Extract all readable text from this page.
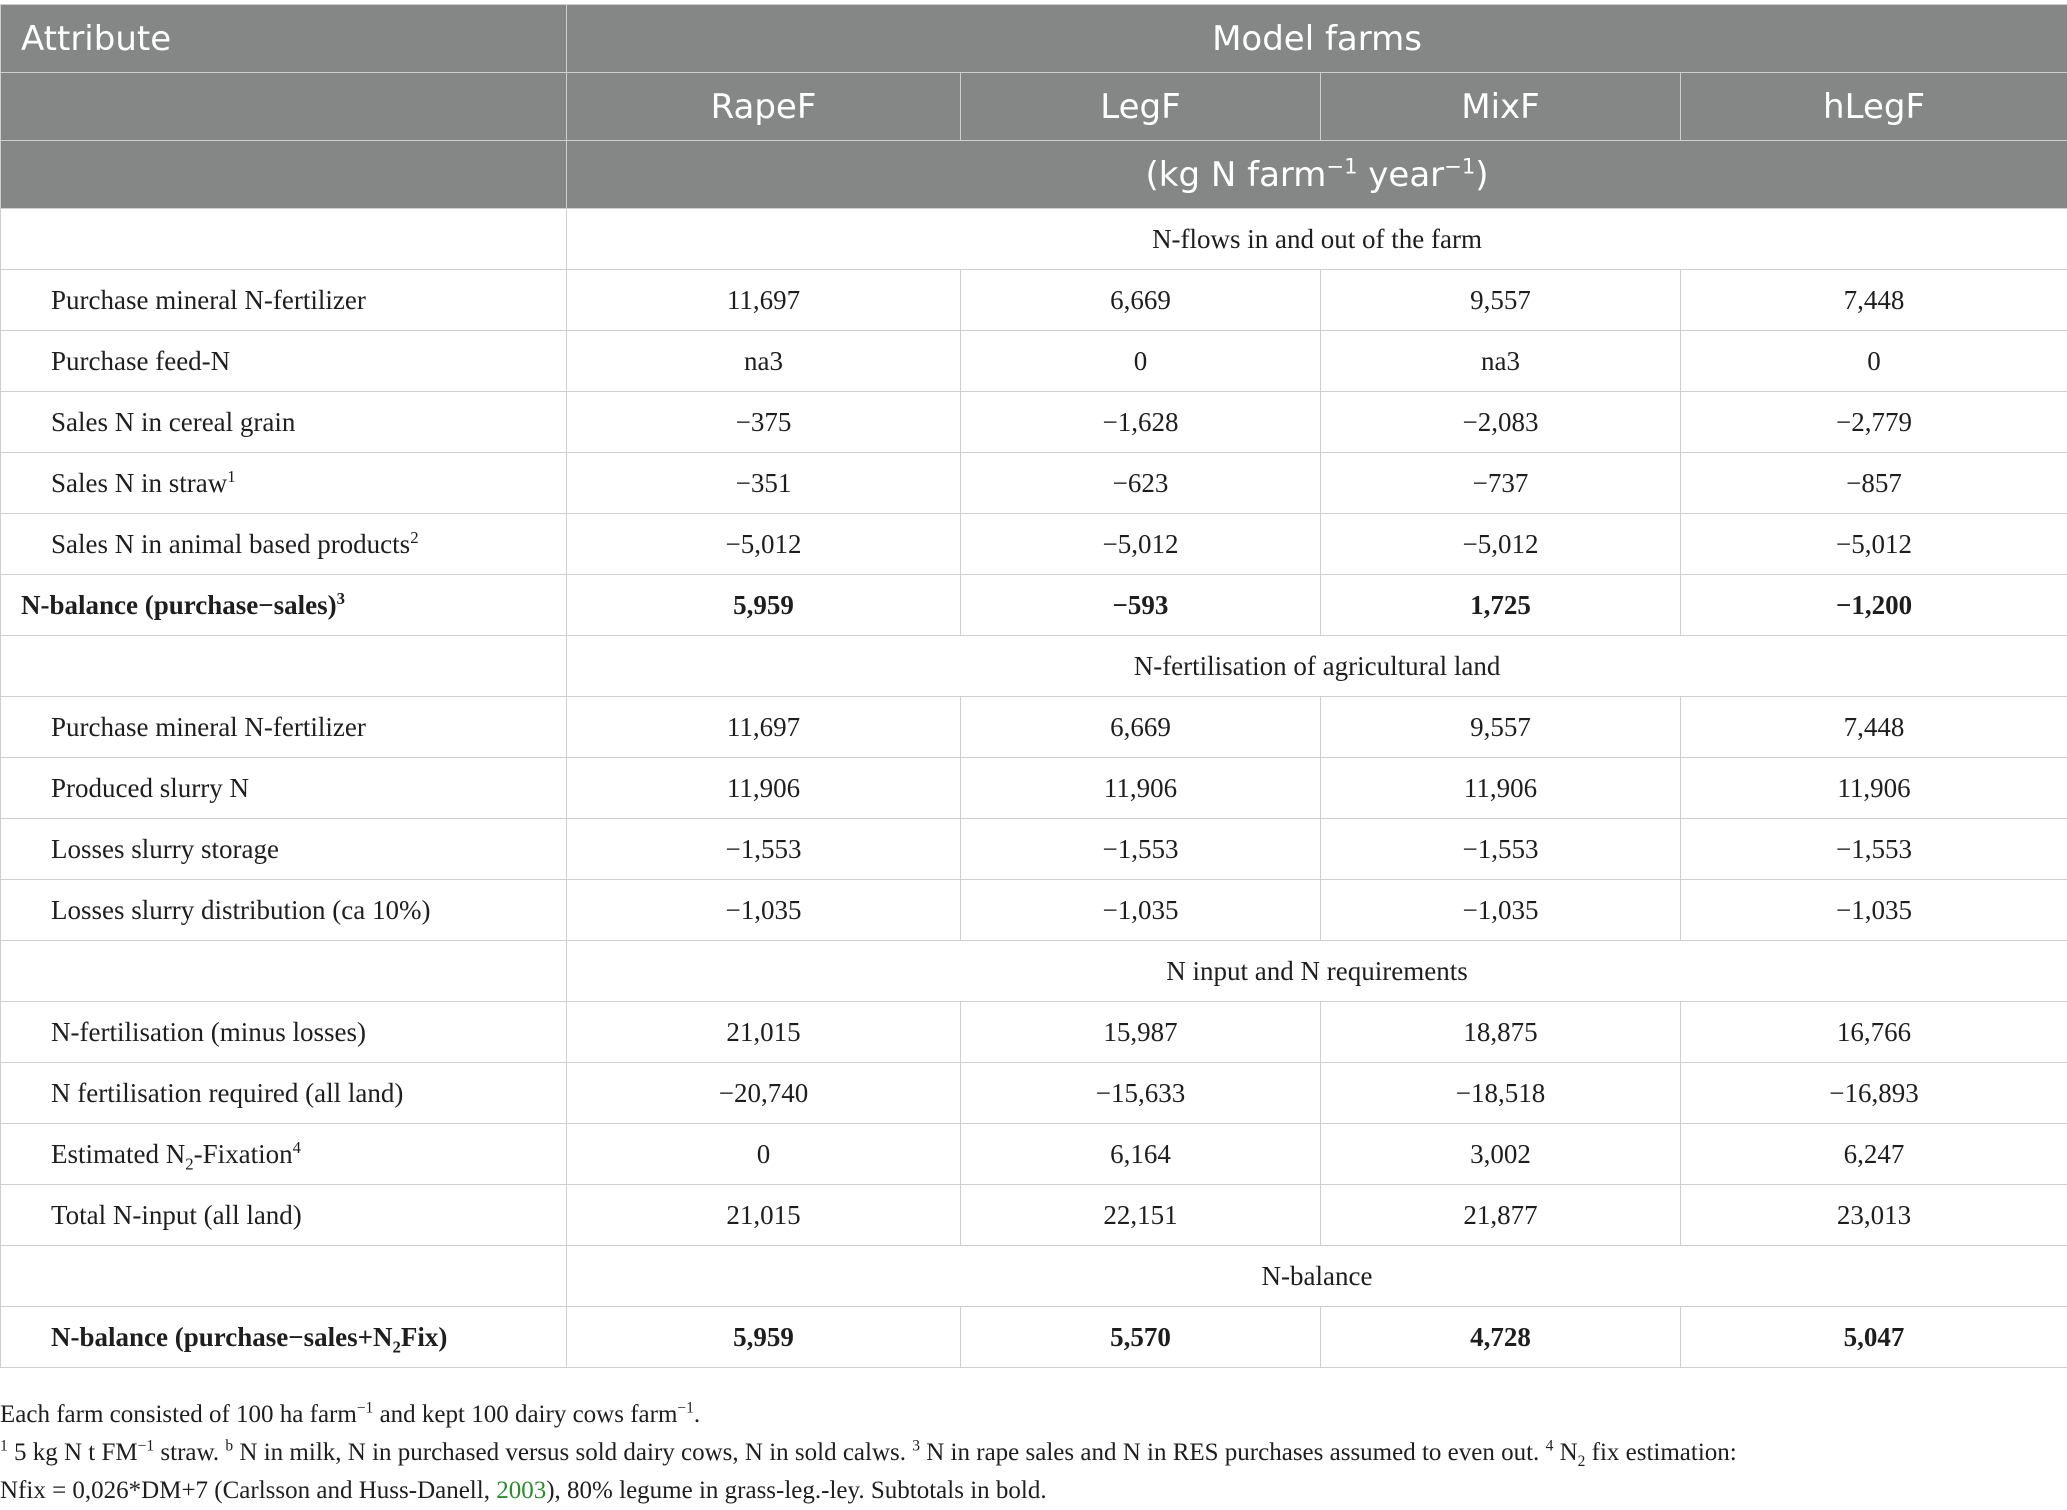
Attribute	Model farms			
	RapeF	LegF	MixF	hLegF
	(kg N farm$^{-1}$ year$^{-1}$)			
	N-flows in and out of the farm			
Purchase mineral N-fertilizer	11,697	6,669	9,557	7,448
Purchase feed-N	na3	0	na3	0
Sales N in cereal grain	−375	−1,628	−2,083	−2,779
Sales N in straw$^1$	−351	−623	−737	−857
Sales N in animal based products$^2$	−5,012	−5,012	−5,012	−5,012
N-balance (purchase−sales)$^3$	5,959	−593	1,725	−1,200
	N-fertilisation of agricultural land			
Purchase mineral N-fertilizer	11,697	6,669	9,557	7,448
Produced slurry N	11,906	11,906	11,906	11,906
Losses slurry storage	−1,553	−1,553	−1,553	−1,553
Losses slurry distribution (ca 10%)	−1,035	−1,035	−1,035	−1,035
	N input and N requirements			
N-fertilisation (minus losses)	21,015	15,987	18,875	16,766
N fertilisation required (all land)	−20,740	−15,633	−18,518	−16,893
Estimated $N_2-Fixation^4$	0	6,164	3,002	6,247
Total N-input (all land)	21,015	22,151	21,877	23,013
	N-balance			
N-balance $(purchase-sales+N_2Fix)$	5,959	5,570	4,728	5,047

Each farm consisted of 100 ha farm$^{-1}$ and kept 100 dairy cows farm$^{-1}$.

$^1$ 5 kg N t $FM^{-1}$ straw. $^b$ N in milk, N in purchased versus sold dairy cows, N in sold calws. $^3$ N in rape sales and N in RES purchases assumed to even out. $^4$ $N_2$ fix estimation:

Nfix = 0,026*DM+7 (Carlsson and Huss-Danell, 2003), 80% legume in grass-leg.-ley. Subtotals in bold.
